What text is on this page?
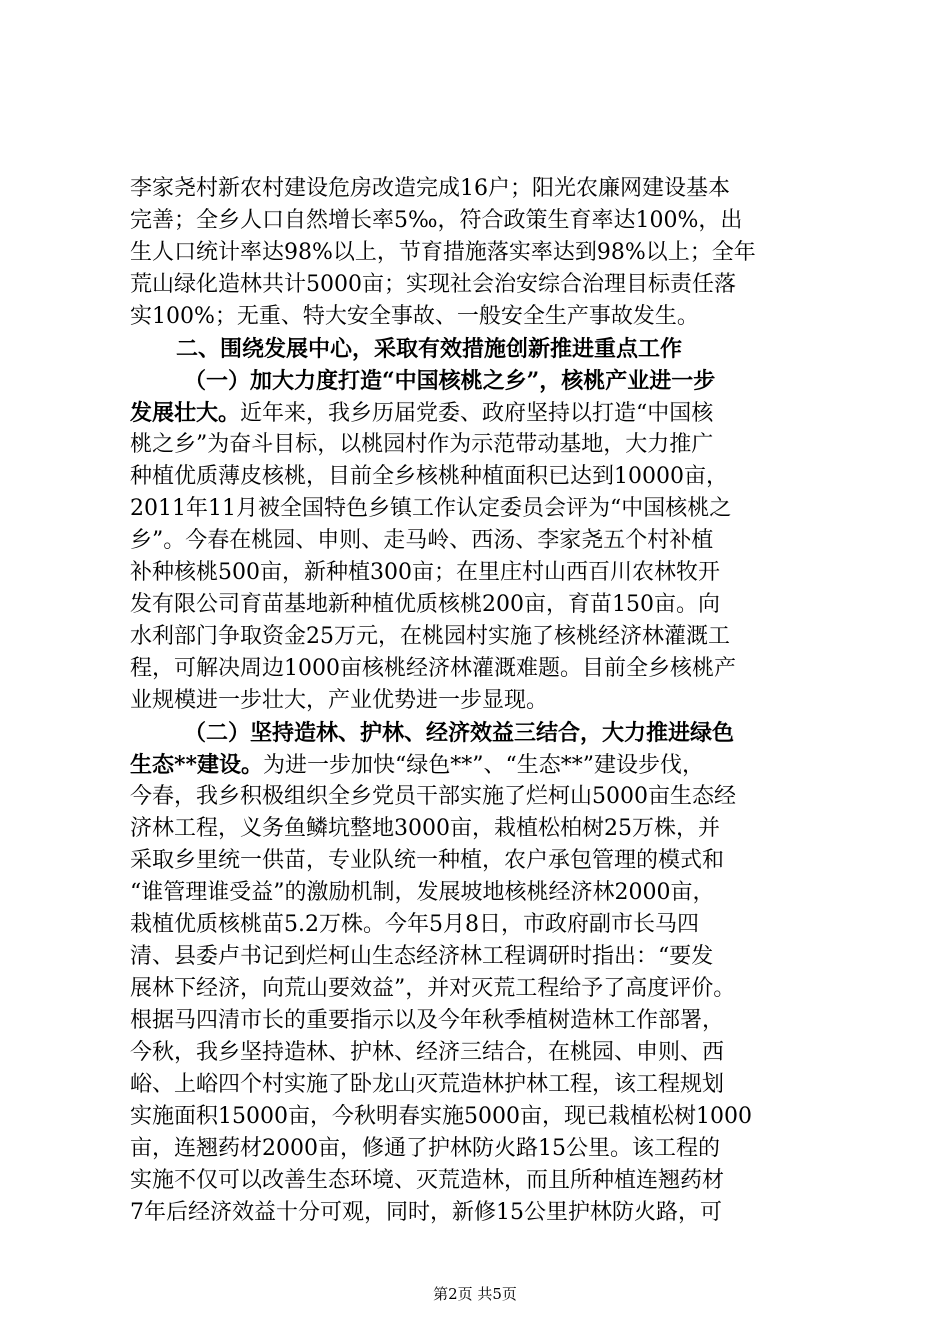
李家尧村新农村建设危房改造完成16户；阳光农廉网建设基本
完善；全乡人口自然增长率5‰，符合政策生育率达100%，出
生人口统计率达98%以上，节育措施落实率达到98%以上；全年
荒山绿化造林共计5000亩；实现社会治安综合治理目标责任落
实100%；无重、特大安全事故、一般安全生产事故发生。
二、围绕发展中心，采取有效措施创新推进重点工作
（一）加大力度打造“中国核桃之乡”，核桃产业进一步
发展壮大。近年来，我乡历届党委、政府坚持以打造“中国核
桃之乡”为奋斗目标，以桃园村作为示范带动基地，大力推广
种植优质薄皮核桃，目前全乡核桃种植面积已达到10000亩，
2011年11月被全国特色乡镇工作认定委员会评为“中国核桃之
乡”。今春在桃园、申则、走马岭、西汤、李家尧五个村补植
补种核桃500亩，新种植300亩；在里庄村山西百川农林牧开
发有限公司育苗基地新种植优质核桃200亩，育苗150亩。向
水利部门争取资金25万元，在桃园村实施了核桃经济林灌溉工
程，可解决周边1000亩核桃经济林灌溉难题。目前全乡核桃产
业规模进一步壮大，产业优势进一步显现。
（二）坚持造林、护林、经济效益三结合，大力推进绿色
生态**建设。为进一步加快“绿色**”、“生态**”建设步伐，
今春，我乡积极组织全乡党员干部实施了烂柯山5000亩生态经
济林工程，义务鱼鳞坑整地3000亩，栽植松柏树25万株，并
采取乡里统一供苗，专业队统一种植，农户承包管理的模式和
“谁管理谁受益”的激励机制，发展坡地核桃经济林2000亩，
栽植优质核桃苗5.2万株。今年5月8日，市政府副市长马四
清、县委卢书记到烂柯山生态经济林工程调研时指出：“要发
展林下经济，向荒山要效益”，并对灭荒工程给予了高度评价。
根据马四清市长的重要指示以及今年秋季植树造林工作部署，
今秋，我乡坚持造林、护林、经济三结合，在桃园、申则、西
峪、上峪四个村实施了卧龙山灭荒造林护林工程，该工程规划
实施面积15000亩，今秋明春实施5000亩，现已栽植松树1000
亩，连翘药材2000亩，修通了护林防火路15公里。该工程的
实施不仅可以改善生态环境、灭荒造林，而且所种植连翘药材
7年后经济效益十分可观，同时，新修15公里护林防火路，可
第2页 共5页
